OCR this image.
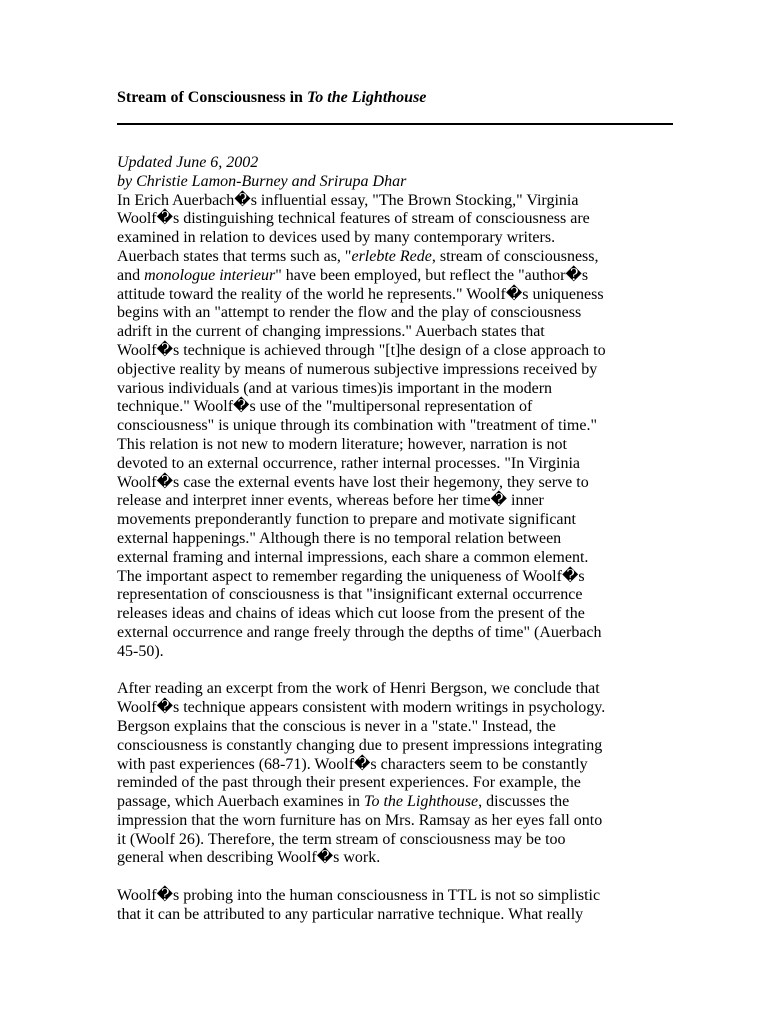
Stream of Consciousness in To the Lighthouse
Updated June 6, 2002
by Christie Lamon-Burney and Srirupa Dhar
In Erich Auerbach�s influential essay, "The Brown Stocking," Virginia
Woolf�s distinguishing technical features of stream of consciousness are
examined in relation to devices used by many contemporary writers.
Auerbach states that terms such as, "erlebte Rede, stream of consciousness,
and monologue interieur" have been employed, but reflect the "author�s
attitude toward the reality of the world he represents." Woolf�s uniqueness
begins with an "attempt to render the flow and the play of consciousness
adrift in the current of changing impressions." Auerbach states that
Woolf�s technique is achieved through "[t]he design of a close approach to
objective reality by means of numerous subjective impressions received by
various individuals (and at various times)is important in the modern
technique." Woolf�s use of the "multipersonal representation of
consciousness" is unique through its combination with "treatment of time."
This relation is not new to modern literature; however, narration is not
devoted to an external occurrence, rather internal processes. "In Virginia
Woolf�s case the external events have lost their hegemony, they serve to
release and interpret inner events, whereas before her time� inner
movements preponderantly function to prepare and motivate significant
external happenings." Although there is no temporal relation between
external framing and internal impressions, each share a common element.
The important aspect to remember regarding the uniqueness of Woolf�s
representation of consciousness is that "insignificant external occurrence
releases ideas and chains of ideas which cut loose from the present of the
external occurrence and range freely through the depths of time" (Auerbach
45-50).
After reading an excerpt from the work of Henri Bergson, we conclude that
Woolf�s technique appears consistent with modern writings in psychology.
Bergson explains that the conscious is never in a "state." Instead, the
consciousness is constantly changing due to present impressions integrating
with past experiences (68-71). Woolf�s characters seem to be constantly
reminded of the past through their present experiences. For example, the
passage, which Auerbach examines in To the Lighthouse, discusses the
impression that the worn furniture has on Mrs. Ramsay as her eyes fall onto
it (Woolf 26). Therefore, the term stream of consciousness may be too
general when describing Woolf�s work.
Woolf�s probing into the human consciousness in TTL is not so simplistic
that it can be attributed to any particular narrative technique. What really
